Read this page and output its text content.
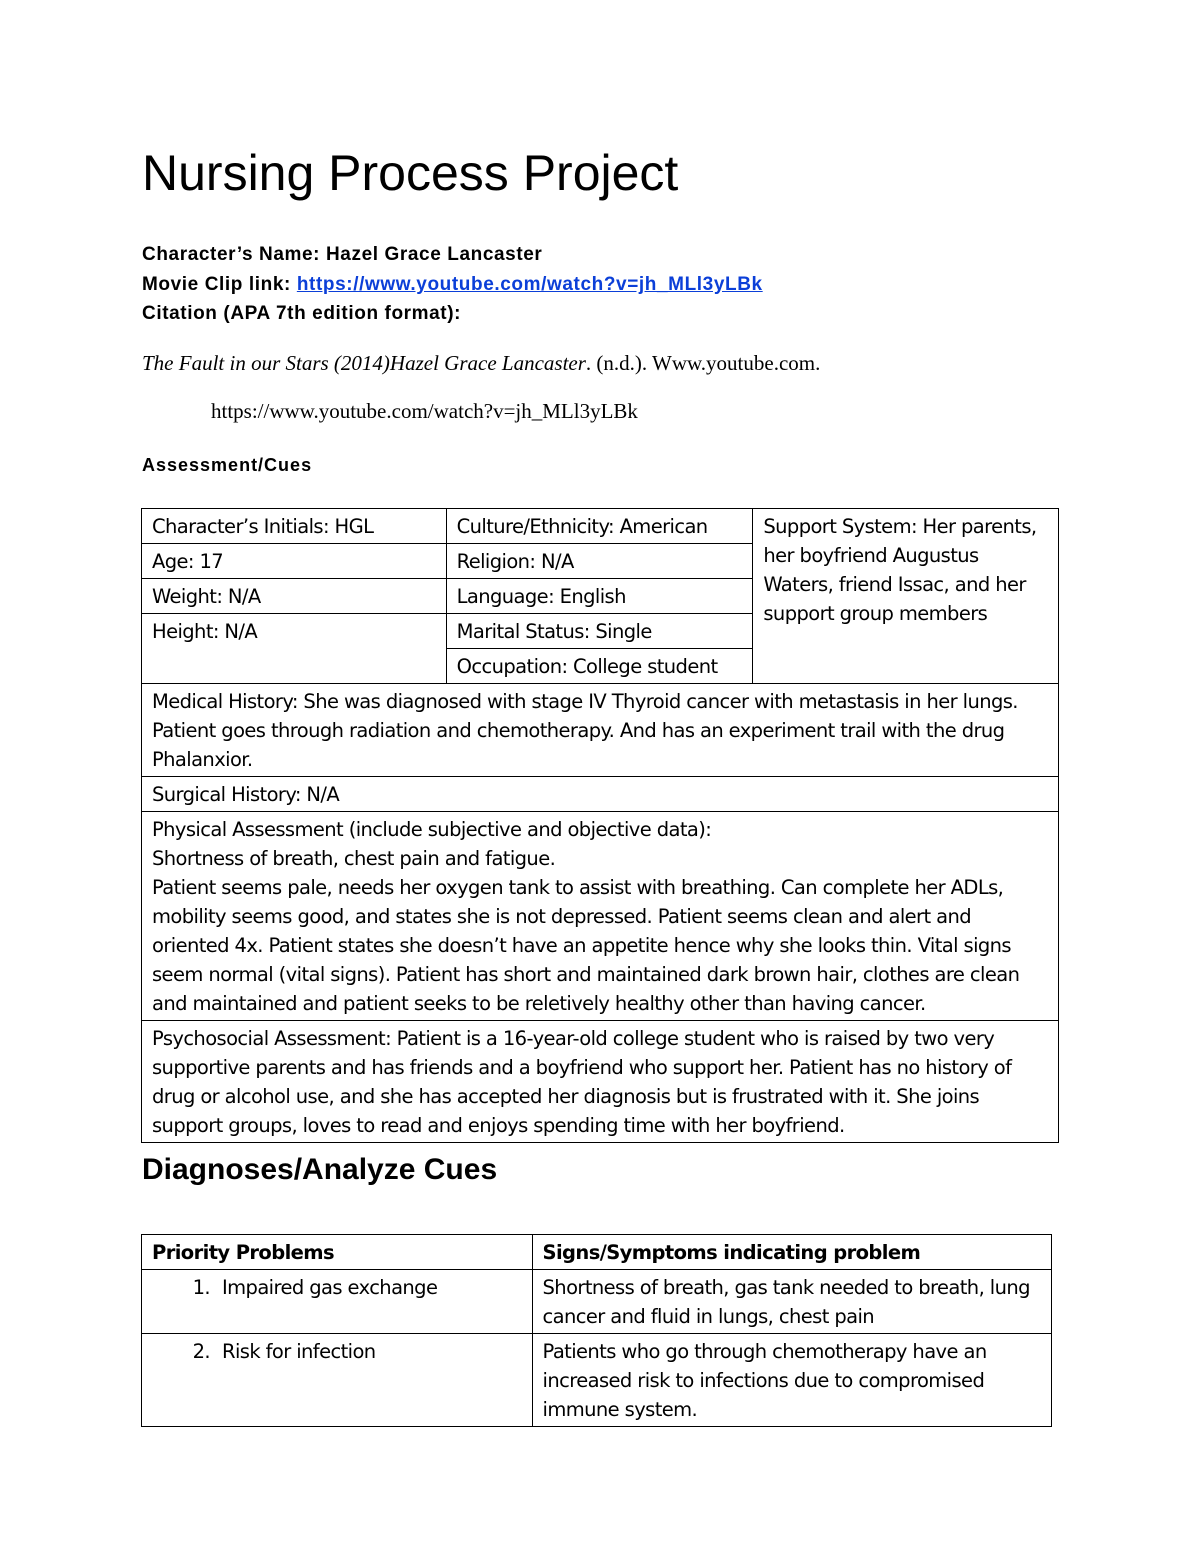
Nursing Process Project
Character’s Name: Hazel Grace Lancaster
Movie Clip link: https://www.youtube.com/watch?v=jh_MLl3yLBk
Citation (APA 7th edition format):
The Fault in our Stars (2014)Hazel Grace Lancaster. (n.d.). Www.youtube.com.
https://www.youtube.com/watch?v=jh_MLl3yLBk
Assessment/Cues
Character’s Initials: HGL	Culture/Ethnicity: American	Support System: Her parents, her boyfriend Augustus Waters, friend Issac, and her support group members
Age: 17	Religion: N/A	
Weight: N/A	Language: English	
Height: N/A	Marital Status: Single	
	Occupation: College student	
Medical History: She was diagnosed with stage IV Thyroid cancer with metastasis in her lungs. Patient goes through radiation and chemotherapy. And has an experiment trail with the drug Phalanxior.		
Surgical History: N/A		

Physical Assessment (include subjective and objective data):
Shortness of breath, chest pain and fatigue.
Patient seems pale, needs her oxygen tank to assist with breathing. Can complete her ADLs, mobility seems good, and states she is not depressed. Patient seems clean and alert and oriented 4x. Patient states she doesn’t have an appetite hence why she looks thin. Vital signs seem normal (vital signs). Patient has short and maintained dark brown hair, clothes are clean and maintained and patient seeks to be reletively healthy other than having cancer.		

Psychosocial Assessment: Patient is a 16-year-old college student who is raised by two very supportive parents and has friends and a boyfriend who support her. Patient has no history of drug or alcohol use, and she has accepted her diagnosis but is frustrated with it. She joins support groups, loves to read and enjoys spending time with her boyfriend.		
Diagnoses/Analyze Cues
Priority Problems	Signs/Symptoms indicating problem
1. Impaired gas exchange	Shortness of breath, gas tank needed to breath, lung cancer and fluid in lungs, chest pain
2. Risk for infection	Patients who go through chemotherapy have an increased risk to infections due to compromised immune system.
